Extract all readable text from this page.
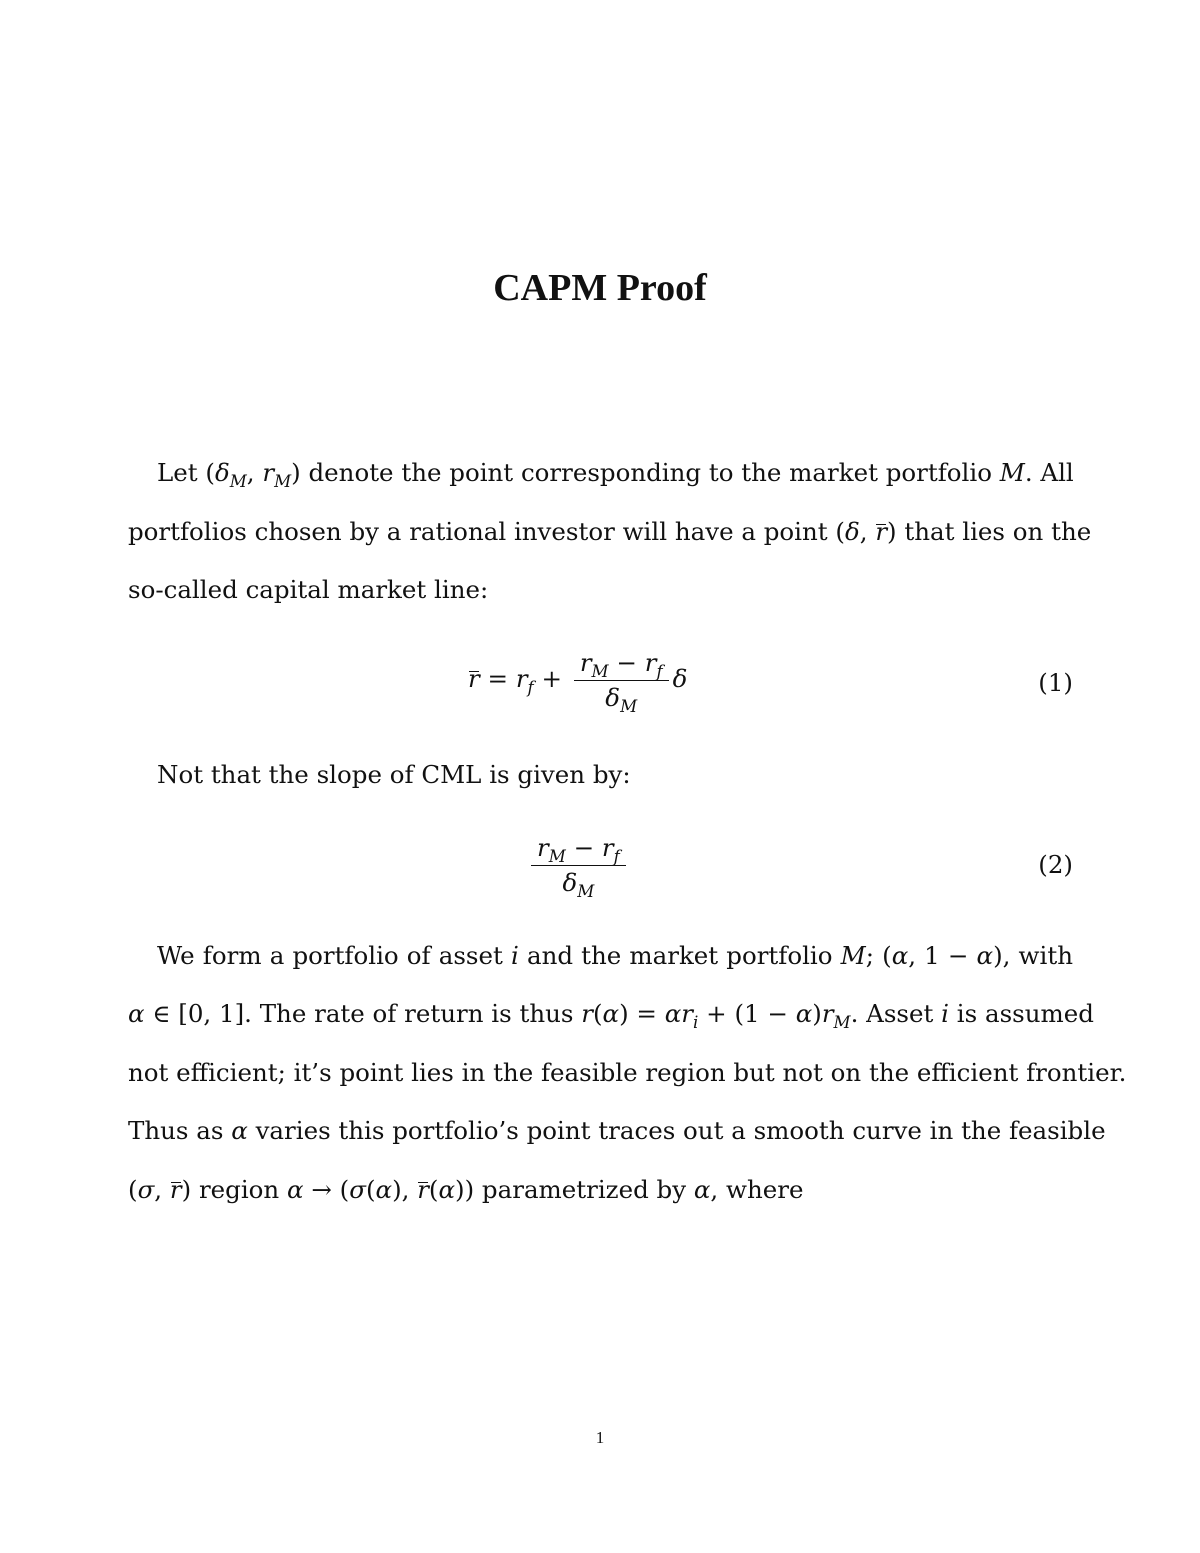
CAPM Proof
Let ($\delta_M$, $r_M$) denote the point corresponding to the market portfolio M. All
portfolios chosen by a rational investor will have a point (δ, r) that lies on the
so-called capital market line:
$r = r_f + \frac{r_M - r_f}{\delta_M}$ δ	(1)
Not that the slope of CML is given by:
$\frac{r_M - r_f}{\delta_M}$	(2)
We form a portfolio of asset i and the market portfolio M; (α, 1 − α), with
α ∈ [0, 1]. The rate of return is thus $r(\alpha) = \alpha r_i + (1 - \alpha)r_M$. Asset i is assumed
not efficient; it’s point lies in the feasible region but not on the efficient frontier.
Thus as α varies this portfolio’s point traces out a smooth curve in the feasible
(σ, r) region α → (σ(α), r(α)) parametrized by α, where
1
